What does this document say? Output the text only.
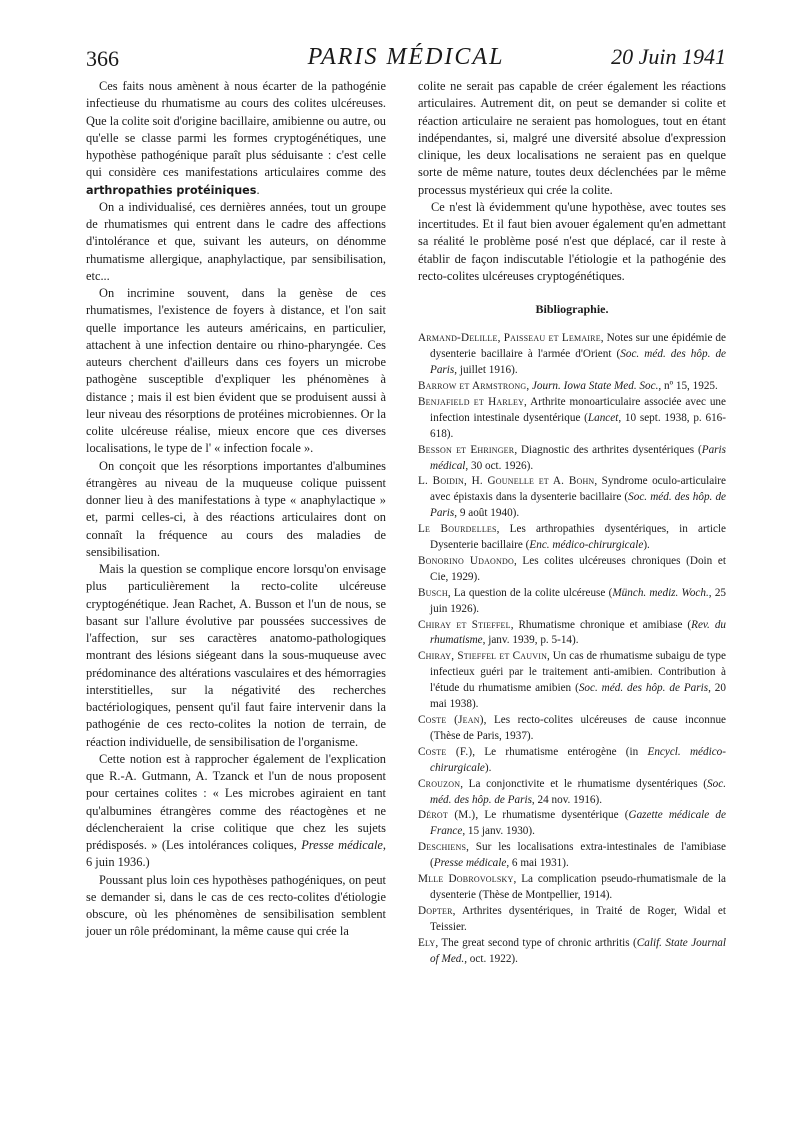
366	PARIS MÉDICAL	20 Juin 1941

Ces faits nous amènent à nous écarter de la pathogénie infectieuse du rhumatisme au cours des colites ulcéreuses. Que la colite soit d'origine bacillaire, amibienne ou autre, ou qu'elle se classe parmi les formes cryptogénétiques, une hypothèse pathogénique paraît plus séduisante : c'est celle qui considère ces manifestations articulaires comme des arthropathies protéiniques.

On a individualisé, ces dernières années, tout un groupe de rhumatismes qui entrent dans le cadre des affections d'intolérance et que, suivant les auteurs, on dénomme rhumatisme allergique, anaphylactique, par sensibilisation, etc...

On incrimine souvent, dans la genèse de ces rhumatismes, l'existence de foyers à distance, et l'on sait quelle importance les auteurs américains, en particulier, attachent à une infection dentaire ou rhino-pharyngée. Ces auteurs cherchent d'ailleurs dans ces foyers un microbe pathogène susceptible d'expliquer les phénomènes à distance ; mais il est bien évident que se produisent aussi à leur niveau des résorptions de protéines microbiennes. Or la colite ulcéreuse réalise, mieux encore que ces diverses localisations, le type de l' « infection focale ».

On conçoit que les résorptions importantes d'albumines étrangères au niveau de la muqueuse colique puissent donner lieu à des manifestations à type « anaphylactique » et, parmi celles-ci, à des réactions articulaires dont on connaît la fréquence au cours des maladies de sensibilisation.

Mais la question se complique encore lorsqu'on envisage plus particulièrement la recto-colite ulcéreuse cryptogénétique. Jean Rachet, A. Busson et l'un de nous, se basant sur l'allure évolutive par poussées successives de l'affection, sur ses caractères anatomo-pathologiques montrant des lésions siégeant dans la sous-muqueuse avec prédominance des altérations vasculaires et des hémorragies interstitielles, sur la négativité des recherches bactériologiques, pensent qu'il faut faire intervenir dans la pathogénie de ces recto-colites la notion de terrain, de réaction individuelle, de sensibilisation de l'organisme.

Cette notion est à rapprocher également de l'explication que R.-A. Gutmann, A. Tzanck et l'un de nous proposent pour certaines colites : « Les microbes agiraient en tant qu'albumines étrangères comme des réactogènes et ne déclencheraient la crise colitique que chez les sujets prédisposés. » (Les intolérances coliques, Presse médicale, 6 juin 1936.)

Poussant plus loin ces hypothèses pathogéniques, on peut se demander si, dans le cas de ces recto-colites d'étiologie obscure, où les phénomènes de sensibilisation semblent jouer un rôle prédominant, la même cause qui crée la

colite ne serait pas capable de créer également les réactions articulaires. Autrement dit, on peut se demander si colite et réaction articulaire ne seraient pas homologues, tout en étant indépendantes, si, malgré une diversité absolue d'expression clinique, les deux localisations ne seraient pas en quelque sorte de même nature, toutes deux déclenchées par le même processus mystérieux qui crée la colite.

Ce n'est là évidemment qu'une hypothèse, avec toutes ses incertitudes. Et il faut bien avouer également qu'en admettant sa réalité le problème posé n'est que déplacé, car il reste à établir de façon indiscutable l'étiologie et la pathogénie des recto-colites ulcéreuses cryptogénétiques.

Bibliographie.

Armand-Delille, Paisseau et Lemaire, Notes sur une épidémie de dysenterie bacillaire à l'armée d'Orient (Soc. méd. des hôp. de Paris, juillet 1916).

Barrow et Armstrong, Journ. Iowa State Med. Soc., nº 15, 1925.

Benjafield et Harley, Arthrite monoarticulaire associée avec une infection intestinale dysentérique (Lancet, 10 sept. 1938, p. 616-618).

Besson et Ehringer, Diagnostic des arthrites dysentériques (Paris médical, 30 oct. 1926).

L. Boidin, H. Gounelle et A. Bohn, Syndrome oculo-articulaire avec épistaxis dans la dysenterie bacillaire (Soc. méd. des hôp. de Paris, 9 août 1940).

Le Bourdelles, Les arthropathies dysentériques, in article Dysenterie bacillaire (Enc. médico-chirurgicale).

Bonorino Udaondo, Les colites ulcéreuses chroniques (Doin et Cie, 1929).

Busch, La question de la colite ulcéreuse (Münch. mediz. Woch., 25 juin 1926).

Chiray et Stieffel, Rhumatisme chronique et amibiase (Rev. du rhumatisme, janv. 1939, p. 5-14).

Chiray, Stieffel et Cauvin, Un cas de rhumatisme subaigu de type infectieux guéri par le traitement anti-amibien. Contribution à l'étude du rhumatisme amibien (Soc. méd. des hôp. de Paris, 20 mai 1938).

Coste (Jean), Les recto-colites ulcéreuses de cause inconnue (Thèse de Paris, 1937).

Coste (F.), Le rhumatisme entérogène (in Encycl. médico-chirurgicale).

Crouzon, La conjonctivite et le rhumatisme dysentériques (Soc. méd. des hôp. de Paris, 24 nov. 1916).

Dérot (M.), Le rhumatisme dysentérique (Gazette médicale de France, 15 janv. 1930).

Deschiens, Sur les localisations extra-intestinales de l'amibiase (Presse médicale, 6 mai 1931).

Mlle Dobrovolsky, La complication pseudo-rhumatismale de la dysenterie (Thèse de Montpellier, 1914).

Dopter, Arthrites dysentériques, in Traité de Roger, Widal et Teissier.

Ely, The great second type of chronic arthritis (Calif. State Journal of Med., oct. 1922).
